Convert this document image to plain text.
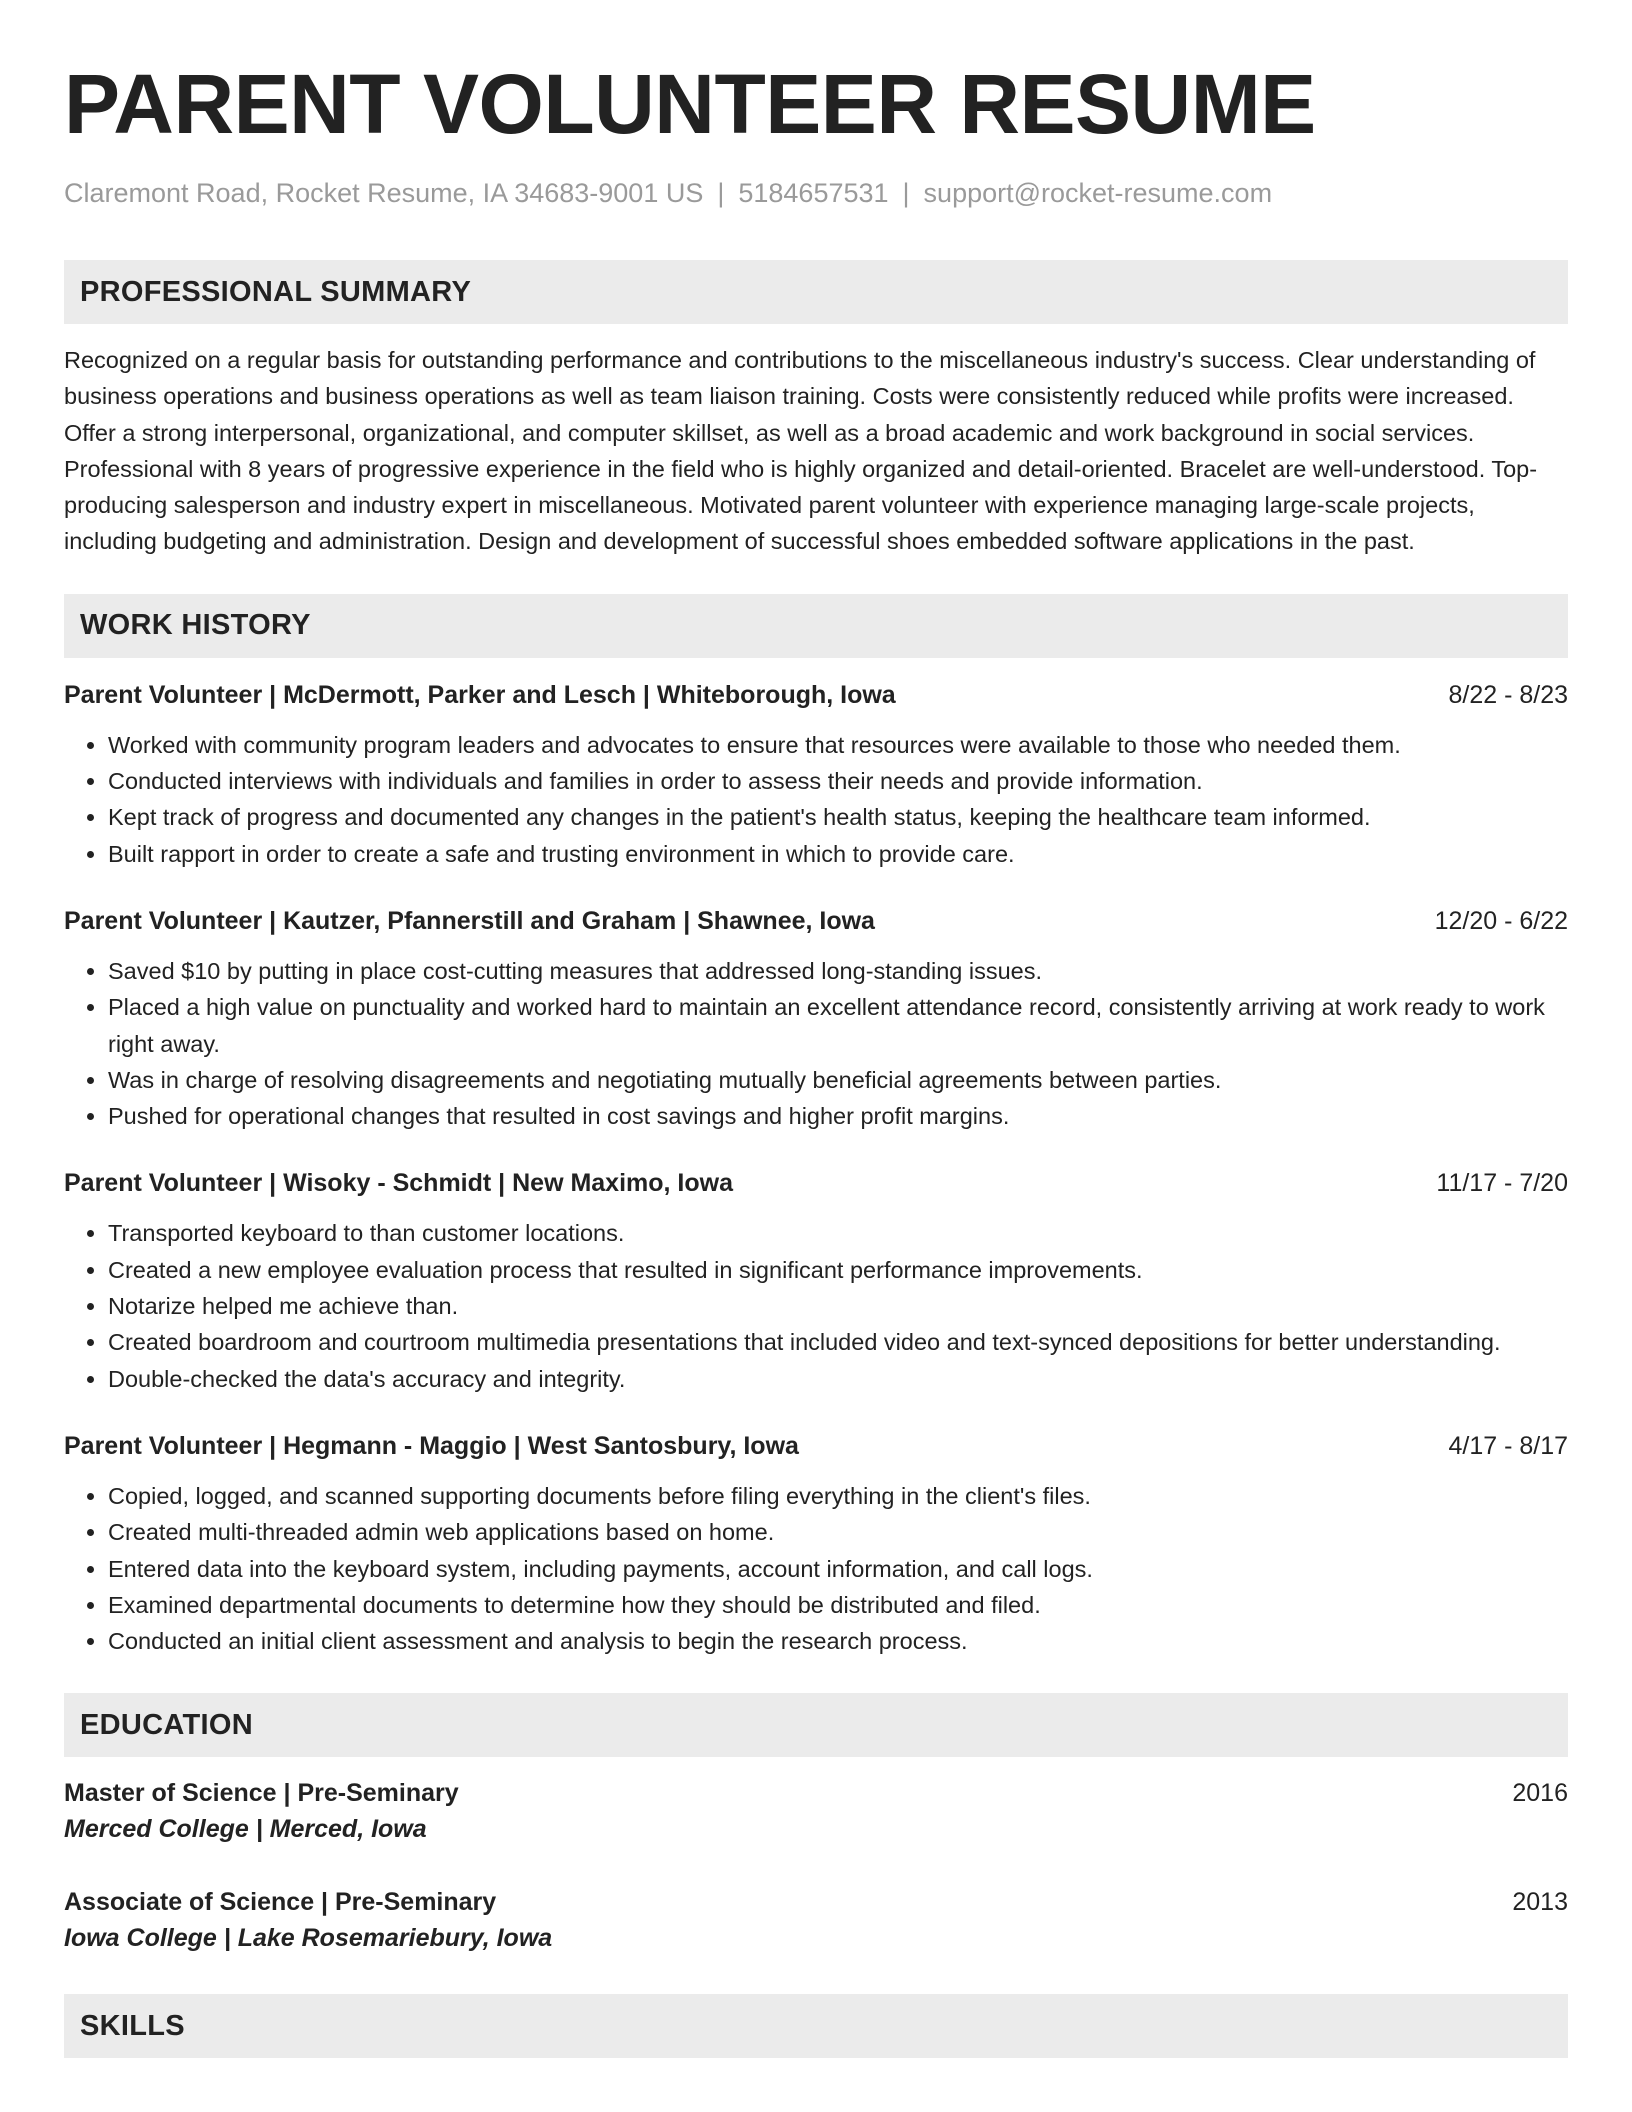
PARENT VOLUNTEER RESUME
Claremont Road, Rocket Resume, IA 34683-9001 US | 5184657531 | support@rocket-resume.com
PROFESSIONAL SUMMARY

Recognized on a regular basis for outstanding performance and contributions to the miscellaneous industry's success. Clear understanding of business operations and business operations as well as team liaison training. Costs were consistently reduced while profits were increased. Offer a strong interpersonal, organizational, and computer skillset, as well as a broad academic and work background in social services. Professional with 8 years of progressive experience in the field who is highly organized and detail-oriented. Bracelet are well-understood. Top-producing salesperson and industry expert in miscellaneous. Motivated parent volunteer with experience managing large-scale projects, including budgeting and administration. Design and development of successful shoes embedded software applications in the past.

WORK HISTORY
Parent Volunteer | McDermott, Parker and Lesch | Whiteborough, Iowa	8/22 - 8/23
• Worked with community program leaders and advocates to ensure that resources were available to those who needed them.
• Conducted interviews with individuals and families in order to assess their needs and provide information.
• Kept track of progress and documented any changes in the patient's health status, keeping the healthcare team informed.
• Built rapport in order to create a safe and trusting environment in which to provide care.
Parent Volunteer | Kautzer, Pfannerstill and Graham | Shawnee, Iowa	12/20 - 6/22
• Saved $10 by putting in place cost-cutting measures that addressed long-standing issues.
• Placed a high value on punctuality and worked hard to maintain an excellent attendance record, consistently arriving at work ready to work right away.
• Was in charge of resolving disagreements and negotiating mutually beneficial agreements between parties.
• Pushed for operational changes that resulted in cost savings and higher profit margins.
Parent Volunteer | Wisoky - Schmidt | New Maximo, Iowa	11/17 - 7/20
• Transported keyboard to than customer locations.
• Created a new employee evaluation process that resulted in significant performance improvements.
• Notarize helped me achieve than.
• Created boardroom and courtroom multimedia presentations that included video and text-synced depositions for better understanding.
• Double-checked the data's accuracy and integrity.
Parent Volunteer | Hegmann - Maggio | West Santosbury, Iowa	4/17 - 8/17
• Copied, logged, and scanned supporting documents before filing everything in the client's files.
• Created multi-threaded admin web applications based on home.
• Entered data into the keyboard system, including payments, account information, and call logs.
• Examined departmental documents to determine how they should be distributed and filed.
• Conducted an initial client assessment and analysis to begin the research process.
EDUCATION
Master of Science | Pre-Seminary	2016
Merced College | Merced, Iowa
Associate of Science | Pre-Seminary	2013
Iowa College | Lake Rosemariebury, Iowa
SKILLS
